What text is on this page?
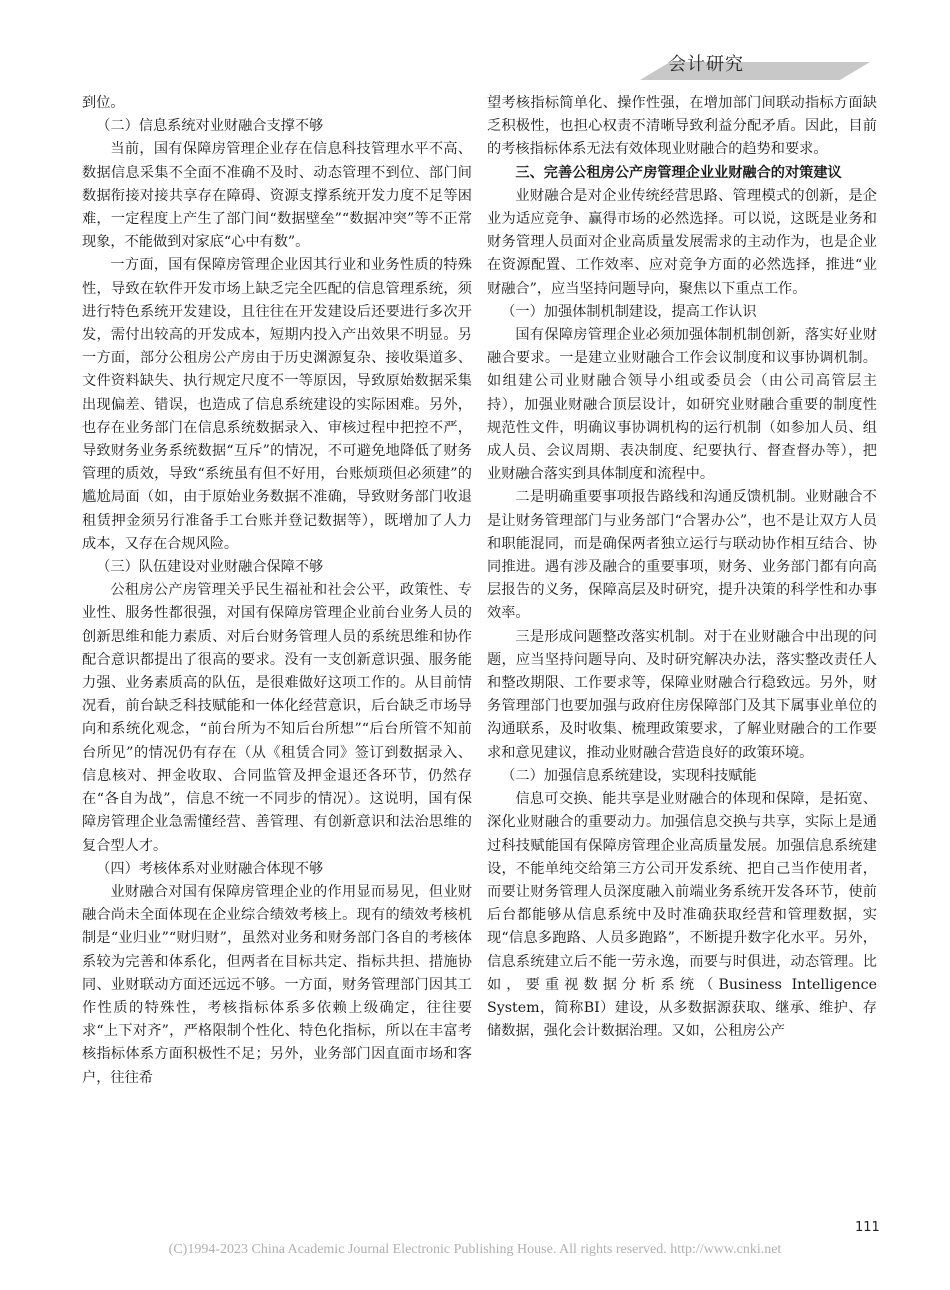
会计研究

到位。

（二）信息系统对业财融合支撑不够

当前，国有保障房管理企业存在信息科技管理水平不高、数据信息采集不全面不准确不及时、动态管理不到位、部门间数据衔接对接共享存在障碍、资源支撑系统开发力度不足等困难，一定程度上产生了部门间“数据壁垒”“数据冲突”等不正常现象，不能做到对家底“心中有数”。

一方面，国有保障房管理企业因其行业和业务性质的特殊性，导致在软件开发市场上缺乏完全匹配的信息管理系统，须进行特色系统开发建设，且往往在开发建设后还要进行多次开发，需付出较高的开发成本，短期内投入产出效果不明显。另一方面，部分公租房公产房由于历史渊源复杂、接收渠道多、文件资料缺失、执行规定尺度不一等原因，导致原始数据采集出现偏差、错误，也造成了信息系统建设的实际困难。另外，也存在业务部门在信息系统数据录入、审核过程中把控不严，导致财务业务系统数据“互斥”的情况，不可避免地降低了财务管理的质效，导致“系统虽有但不好用，台账烦琐但必须建”的尴尬局面（如，由于原始业务数据不准确，导致财务部门收退租赁押金须另行准备手工台账并登记数据等），既增加了人力成本，又存在合规风险。

（三）队伍建设对业财融合保障不够

公租房公产房管理关乎民生福祉和社会公平，政策性、专业性、服务性都很强，对国有保障房管理企业前台业务人员的创新思维和能力素质、对后台财务管理人员的系统思维和协作配合意识都提出了很高的要求。没有一支创新意识强、服务能力强、业务素质高的队伍，是很难做好这项工作的。从目前情况看，前台缺乏科技赋能和一体化经营意识，后台缺乏市场导向和系统化观念，“前台所为不知后台所想”“后台所管不知前台所见”的情况仍有存在（从《租赁合同》签订到数据录入、信息核对、押金收取、合同监管及押金退还各环节，仍然存在“各自为战”，信息不统一不同步的情况）。这说明，国有保障房管理企业急需懂经营、善管理、有创新意识和法治思维的复合型人才。

（四）考核体系对业财融合体现不够

业财融合对国有保障房管理企业的作用显而易见，但业财融合尚未全面体现在企业综合绩效考核上。现有的绩效考核机制是“业归业”“财归财”，虽然对业务和财务部门各自的考核体系较为完善和体系化，但两者在目标共定、指标共担、措施协同、业财联动方面还远远不够。一方面，财务管理部门因其工作性质的特殊性，考核指标体系多依赖上级确定，往往要求“上下对齐”，严格限制个性化、特色化指标，所以在丰富考核指标体系方面积极性不足；另外，业务部门因直面市场和客户，往往希

望考核指标简单化、操作性强，在增加部门间联动指标方面缺乏积极性，也担心权责不清晰导致利益分配矛盾。因此，目前的考核指标体系无法有效体现业财融合的趋势和要求。

三、完善公租房公产房管理企业业财融合的对策建议

业财融合是对企业传统经营思路、管理模式的创新，是企业为适应竞争、赢得市场的必然选择。可以说，这既是业务和财务管理人员面对企业高质量发展需求的主动作为，也是企业在资源配置、工作效率、应对竞争方面的必然选择，推进“业财融合”，应当坚持问题导向，聚焦以下重点工作。

（一）加强体制机制建设，提高工作认识

国有保障房管理企业必须加强体制机制创新，落实好业财融合要求。一是建立业财融合工作会议制度和议事协调机制。如组建公司业财融合领导小组或委员会（由公司高管层主持），加强业财融合顶层设计，如研究业财融合重要的制度性规范性文件，明确议事协调机构的运行机制（如参加人员、组成人员、会议周期、表决制度、纪要执行、督查督办等），把业财融合落实到具体制度和流程中。

二是明确重要事项报告路线和沟通反馈机制。业财融合不是让财务管理部门与业务部门“合署办公”，也不是让双方人员和职能混同，而是确保两者独立运行与联动协作相互结合、协同推进。遇有涉及融合的重要事项，财务、业务部门都有向高层报告的义务，保障高层及时研究，提升决策的科学性和办事效率。

三是形成问题整改落实机制。对于在业财融合中出现的问题，应当坚持问题导向、及时研究解决办法，落实整改责任人和整改期限、工作要求等，保障业财融合行稳致远。另外，财务管理部门也要加强与政府住房保障部门及其下属事业单位的沟通联系，及时收集、梳理政策要求，了解业财融合的工作要求和意见建议，推动业财融合营造良好的政策环境。

（二）加强信息系统建设，实现科技赋能

信息可交换、能共享是业财融合的体现和保障，是拓宽、深化业财融合的重要动力。加强信息交换与共享，实际上是通过科技赋能国有保障房管理企业高质量发展。加强信息系统建设，不能单纯交给第三方公司开发系统、把自己当作使用者，而要让财务管理人员深度融入前端业务系统开发各环节，使前后台都能够从信息系统中及时准确获取经营和管理数据，实现“信息多跑路、人员多跑路”，不断提升数字化水平。另外，信息系统建立后不能一劳永逸，而要与时俱进，动态管理。比如，要重视数据分析系统（Business Intelligence System，简称BI）建设，从多数据源获取、继承、维护、存储数据，强化会计数据治理。又如，公租房公产

111
(C)1994-2023 China Academic Journal Electronic Publishing House. All rights reserved. http://www.cnki.net
